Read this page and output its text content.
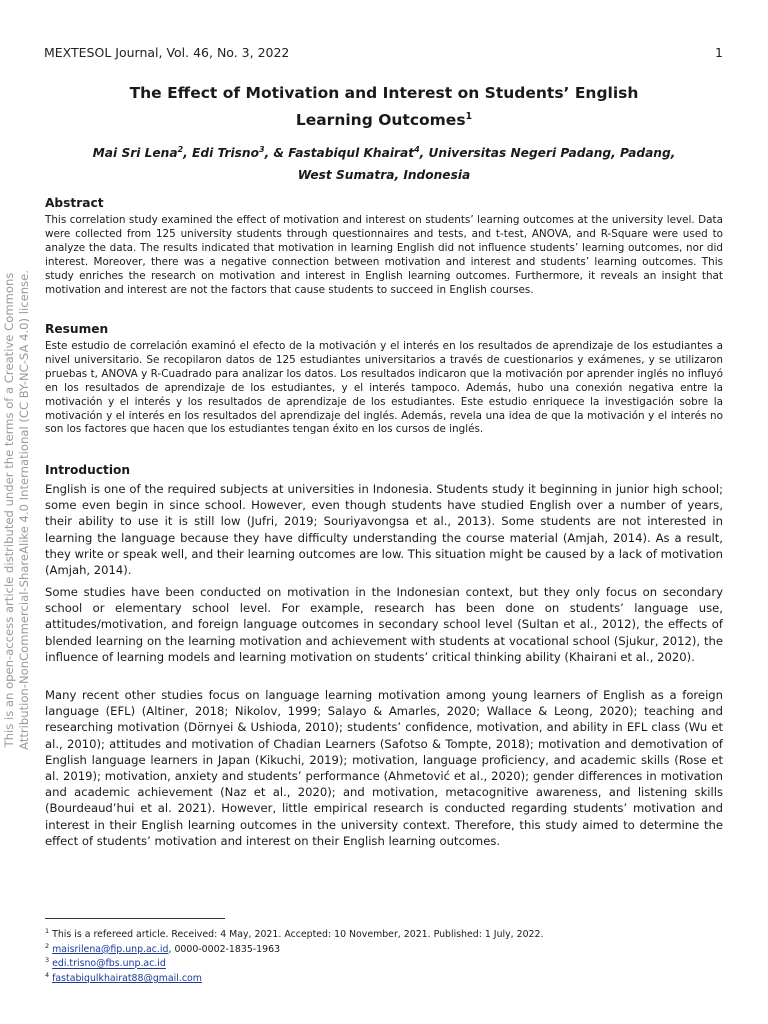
MEXTESOL Journal, Vol. 46, No. 3, 2022	1
The Effect of Motivation and Interest on Students’ English
Learning Outcomes$^1$
Mai Sri Lena$^2$, Edi Trisno$^3$, & Fastabiqul Khairat$^4$, Universitas Negeri Padang, Padang,
West Sumatra, Indonesia
Abstract

This correlation study examined the effect of motivation and interest on students’ learning outcomes at the university level. Data were collected from 125 university students through questionnaires and tests, and t-test, ANOVA, and R-Square were used to analyze the data. The results indicated that motivation in learning English did not influence students’ learning outcomes, nor did interest. Moreover, there was a negative connection between motivation and interest and students’ learning outcomes. This study enriches the research on motivation and interest in English learning outcomes. Furthermore, it reveals an insight that motivation and interest are not the factors that cause students to succeed in English courses.

Resumen

Este estudio de correlación examinó el efecto de la motivación y el interés en los resultados de aprendizaje de los estudiantes a nivel universitario. Se recopilaron datos de 125 estudiantes universitarios a través de cuestionarios y exámenes, y se utilizaron pruebas t, ANOVA y R-Cuadrado para analizar los datos. Los resultados indicaron que la motivación por aprender inglés no influyó en los resultados de aprendizaje de los estudiantes, y el interés tampoco. Además, hubo una conexión negativa entre la motivación y el interés y los resultados de aprendizaje de los estudiantes. Este estudio enriquece la investigación sobre la motivación y el interés en los resultados del aprendizaje del inglés. Además, revela una idea de que la motivación y el interés no son los factores que hacen que los estudiantes tengan éxito en los cursos de inglés.

Introduction

English is one of the required subjects at universities in Indonesia. Students study it beginning in junior high school; some even begin in since school. However, even though students have studied English over a number of years, their ability to use it is still low (Jufri, 2019; Souriyavongsa et al., 2013). Some students are not interested in learning the language because they have difficulty understanding the course material (Amjah, 2014). As a result, they write or speak well, and their learning outcomes are low. This situation might be caused by a lack of motivation (Amjah, 2014).

Some studies have been conducted on motivation in the Indonesian context, but they only focus on secondary school or elementary school level. For example, research has been done on students’ language use, attitudes/motivation, and foreign language outcomes in secondary school level (Sultan et al., 2012), the effects of blended learning on the learning motivation and achievement with students at vocational school (Sjukur, 2012), the influence of learning models and learning motivation on students’ critical thinking ability (Khairani et al., 2020).

Many recent other studies focus on language learning motivation among young learners of English as a foreign language (EFL) (Altiner, 2018; Nikolov, 1999; Salayo & Amarles, 2020; Wallace & Leong, 2020); teaching and researching motivation (Dörnyei & Ushioda, 2010); students’ confidence, motivation, and ability in EFL class (Wu et al., 2010); attitudes and motivation of Chadian Learners (Safotso & Tompte, 2018); motivation and demotivation of English language learners in Japan (Kikuchi, 2019); motivation, language proficiency, and academic skills (Rose et al. 2019); motivation, anxiety and students’ performance (Ahmetović et al., 2020); gender differences in motivation and academic achievement (Naz et al., 2020); and motivation, metacognitive awareness, and listening skills (Bourdeaud’hui et al. 2021). However, little empirical research is conducted regarding students’ motivation and interest in their English learning outcomes in the university context. Therefore, this study aimed to determine the effect of students’ motivation and interest on their English learning outcomes.

This is an open-access article distributed under the terms of a Creative Commons Attribution-NonCommercial-ShareAlike 4.0 International (CC BY-NC-SA 4.0) license.
$^1$ This is a refereed article. Received: 4 May, 2021. Accepted: 10 November, 2021. Published: 1 July, 2022.
$^2$ maisrilena@fip.unp.ac.id, 0000-0002-1835-1963
$^3$ edi.trisno@fbs.unp.ac.id
$^4$ fastabiqulkhairat88@gmail.com
